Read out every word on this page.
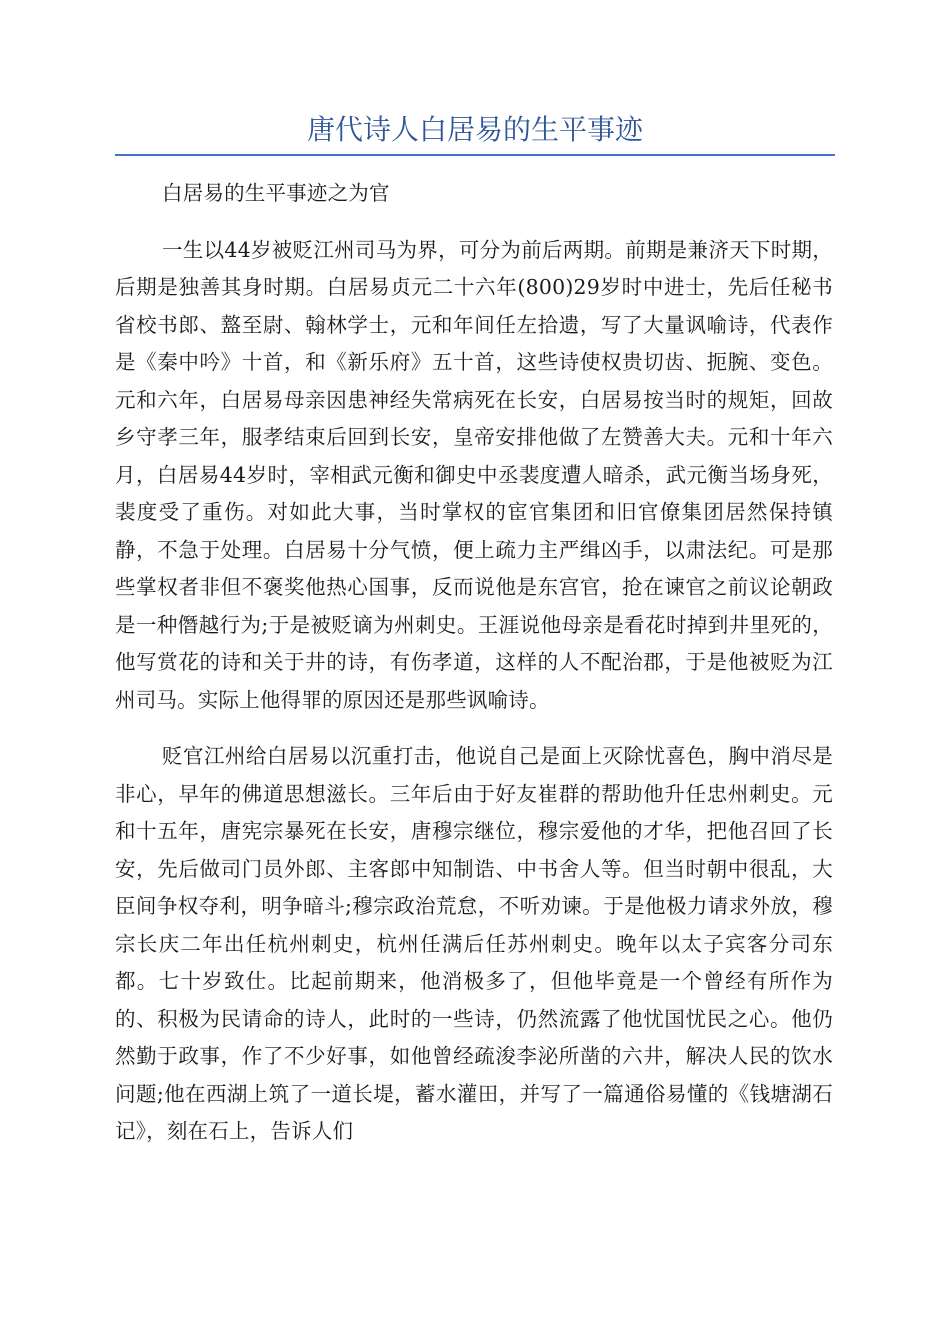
唐代诗人白居易的生平事迹

白居易的生平事迹之为官

一生以44岁被贬江州司马为界，可分为前后两期。前期是兼济天下时期，后期是独善其身时期。白居易贞元二十六年(800)29岁时中进士，先后任秘书省校书郎、盩至尉、翰林学士，元和年间任左拾遗，写了大量讽喻诗，代表作是《秦中吟》十首，和《新乐府》五十首，这些诗使权贵切齿、扼腕、变色。元和六年，白居易母亲因患神经失常病死在长安，白居易按当时的规矩，回故乡守孝三年，服孝结束后回到长安，皇帝安排他做了左赞善大夫。元和十年六月，白居易44岁时，宰相武元衡和御史中丞裴度遭人暗杀，武元衡当场身死，裴度受了重伤。对如此大事，当时掌权的宦官集团和旧官僚集团居然保持镇静，不急于处理。白居易十分气愤，便上疏力主严缉凶手，以肃法纪。可是那些掌权者非但不褒奖他热心国事，反而说他是东宫官，抢在谏官之前议论朝政是一种僭越行为;于是被贬谪为州刺史。王涯说他母亲是看花时掉到井里死的，他写赏花的诗和关于井的诗，有伤孝道，这样的人不配治郡，于是他被贬为江州司马。实际上他得罪的原因还是那些讽喻诗。

贬官江州给白居易以沉重打击，他说自己是面上灭除忧喜色，胸中消尽是非心，早年的佛道思想滋长。三年后由于好友崔群的帮助他升任忠州刺史。元和十五年，唐宪宗暴死在长安，唐穆宗继位，穆宗爱他的才华，把他召回了长安，先后做司门员外郎、主客郎中知制诰、中书舍人等。但当时朝中很乱，大臣间争权夺利，明争暗斗;穆宗政治荒怠，不听劝谏。于是他极力请求外放，穆宗长庆二年出任杭州刺史，杭州任满后任苏州刺史。晚年以太子宾客分司东都。七十岁致仕。比起前期来，他消极多了，但他毕竟是一个曾经有所作为的、积极为民请命的诗人，此时的一些诗，仍然流露了他忧国忧民之心。他仍然勤于政事，作了不少好事，如他曾经疏浚李泌所凿的六井，解决人民的饮水问题;他在西湖上筑了一道长堤，蓄水灌田，并写了一篇通俗易懂的《钱塘湖石记》，刻在石上，告诉人们
